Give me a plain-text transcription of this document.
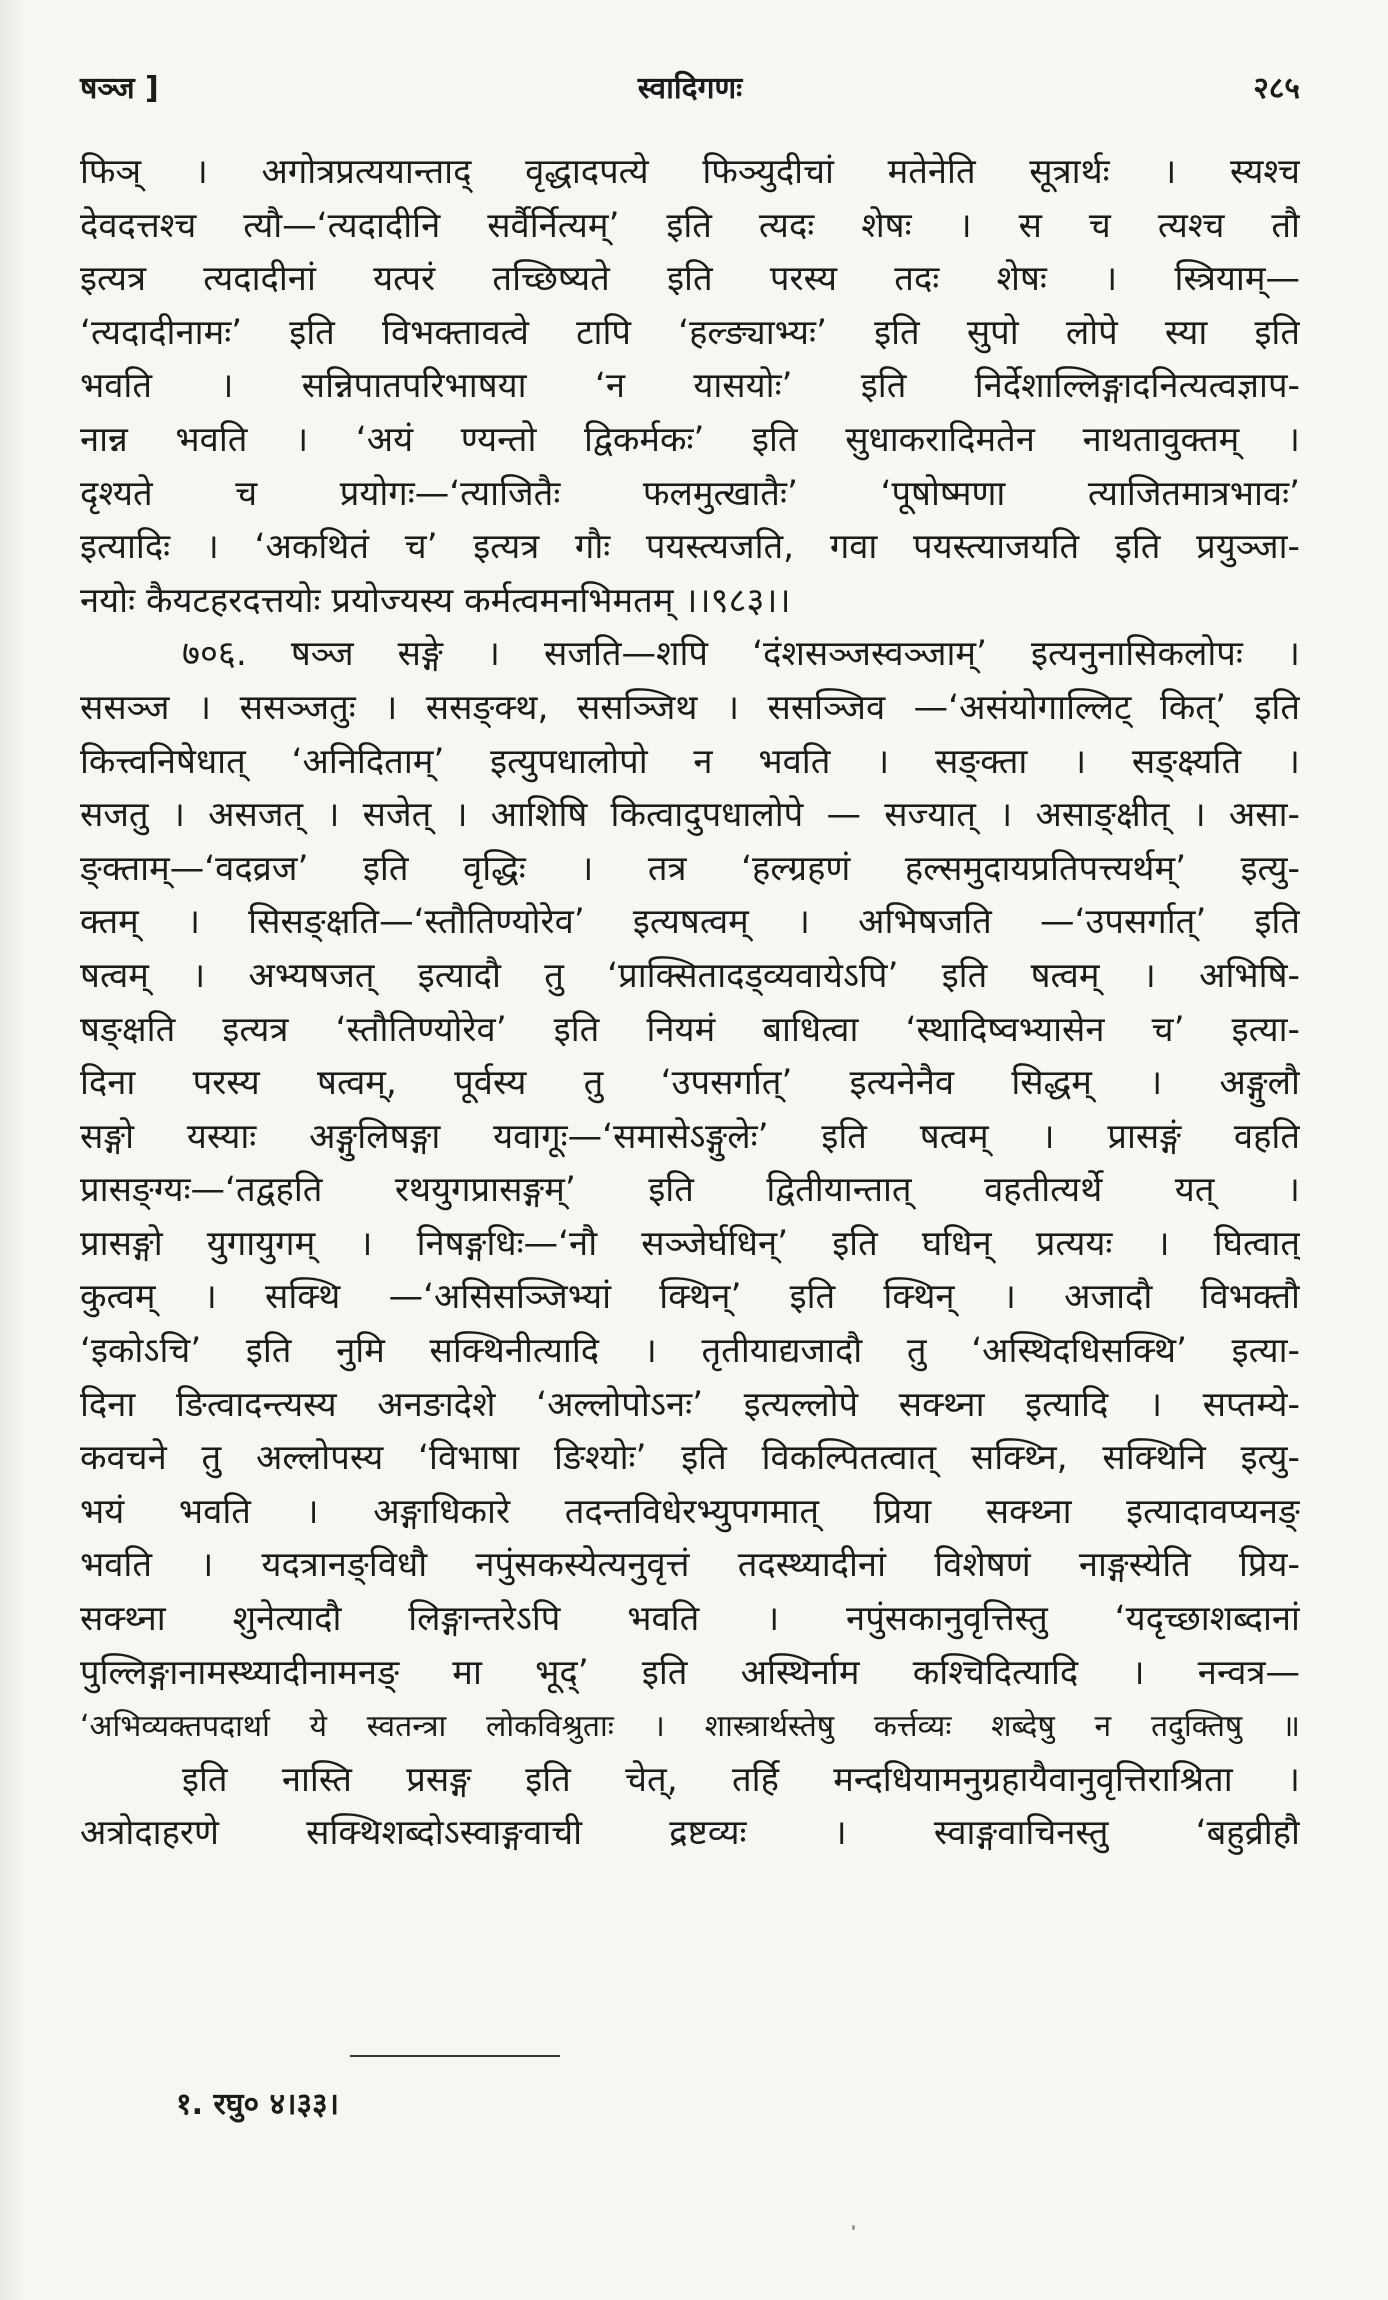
षञ्ज ]	स्वादिगणः	२८५
फिञ् । अगोत्रप्रत्ययान्ताद् वृद्धादपत्ये फिञ्युदीचां मतेनेति सूत्रार्थः । स्यश्च
देवदत्तश्च त्यौ—‘त्यदादीनि सर्वैर्नित्यम्’ इति त्यदः शेषः । स च त्यश्च तौ
इत्यत्र त्यदादीनां यत्परं तच्छिष्यते इति परस्य तदः शेषः । स्त्रियाम्—
‘त्यदादीनामः’ इति विभक्तावत्वे टापि ‘हल्ङ्याभ्यः’ इति सुपो लोपे स्या इति
भवति । सन्निपातपरिभाषया ‘न यासयोः’ इति निर्देशाल्लिङ्गादनित्यत्वज्ञाप-
नान्न भवति । ‘अयं ण्यन्तो द्विकर्मकः’ इति सुधाकरादिमतेन नाथतावुक्तम् ।
दृश्यते च प्रयोगः—‘त्याजितैः फलमुत्खातैः’ ‘पूषोष्मणा त्याजितमात्रभावः’
इत्यादिः । ‘अकथितं च’ इत्यत्र गौः पयस्त्यजति, गवा पयस्त्याजयति इति प्रयुञ्जा-
नयोः कैयटहरदत्तयोः प्रयोज्यस्य कर्मत्वमनभिमतम् ।।९८३।।
७०६. षञ्ज सङ्गे । सजति—शपि ‘दंशसञ्जस्वञ्जाम्’ इत्यनुनासिकलोपः ।
ससञ्ज । ससञ्जतुः । ससङ्क्थ, ससञ्जिथ । ससञ्जिव —‘असंयोगाल्लिट् कित्’ इति
कित्त्वनिषेधात् ‘अनिदिताम्’ इत्युपधालोपो न भवति । सङ्क्ता । सङ्क्ष्यति ।
सजतु । असजत् । सजेत् । आशिषि कित्वादुपधालोपे — सज्यात् । असाङ्क्षीत् । असा-
ङ्क्ताम्—‘वदव्रज’ इति वृद्धिः । तत्र ‘हल्ग्रहणं हल्समुदायप्रतिपत्त्यर्थम्’ इत्यु-
क्तम् । सिसङ्क्षति—‘स्तौतिण्योरेव’ इत्यषत्वम् । अभिषजति —‘उपसर्गात्’ इति
षत्वम् । अभ्यषजत् इत्यादौ तु ‘प्राक्सितादड्व्यवायेऽपि’ इति षत्वम् । अभिषि-
षङ्क्षति इत्यत्र ‘स्तौतिण्योरेव’ इति नियमं बाधित्वा ‘स्थादिष्वभ्यासेन च’ इत्या-
दिना परस्य षत्वम्, पूर्वस्य तु ‘उपसर्गात्’ इत्यनेनैव सिद्धम् । अङ्गुलौ
सङ्गो यस्याः अङ्गुलिषङ्गा यवागूः—‘समासेऽङ्गुलेः’ इति षत्वम् । प्रासङ्गं वहति
प्रासङ्ग्यः—‘तद्वहति रथयुगप्रासङ्गम्’ इति द्वितीयान्तात् वहतीत्यर्थे यत् ।
प्रासङ्गो युगायुगम् । निषङ्गधिः—‘नौ सञ्जेर्घधिन्’ इति घधिन् प्रत्ययः । घित्वात्
कुत्वम् । सक्थि —‘असिसञ्जिभ्यां क्थिन्’ इति क्थिन् । अजादौ विभक्तौ
‘इकोऽचि’ इति नुमि सक्थिनीत्यादि । तृतीयाद्यजादौ तु ‘अस्थिदधिसक्थि’ इत्या-
दिना ङित्वादन्त्यस्य अनङादेशे ‘अल्लोपोऽनः’ इत्यल्लोपे सक्थ्ना इत्यादि । सप्तम्ये-
कवचने तु अल्लोपस्य ‘विभाषा ङिश्योः’ इति विकल्पितत्वात् सक्थ्नि, सक्थिनि इत्यु-
भयं भवति । अङ्गाधिकारे तदन्तविधेरभ्युपगमात् प्रिया सक्थ्ना इत्यादावप्यनङ्
भवति । यदत्रानङ्विधौ नपुंसकस्येत्यनुवृत्तं तदस्थ्यादीनां विशेषणं नाङ्गस्येति प्रिय-
सक्थ्ना शुनेत्यादौ लिङ्गान्तरेऽपि भवति । नपुंसकानुवृत्तिस्तु ‘यदृच्छाशब्दानां
पुल्लिङ्गानामस्थ्यादीनामनङ् मा भूद्’ इति अस्थिर्नाम कश्चिदित्यादि । नन्वत्र—
‘अभिव्यक्तपदार्था ये स्वतन्त्रा लोकविश्रुताः । शास्त्रार्थस्तेषु कर्त्तव्यः शब्देषु न तदुक्तिषु ॥
इति नास्ति प्रसङ्ग इति चेत्, तर्हि मन्दधियामनुग्रहायैवानुवृत्तिराश्रिता ।
अत्रोदाहरणे सक्थिशब्दोऽस्वाङ्गवाची द्रष्टव्यः । स्वाङ्गवाचिनस्तु ‘बहुव्रीहौ
१. रघु० ४।३३।
